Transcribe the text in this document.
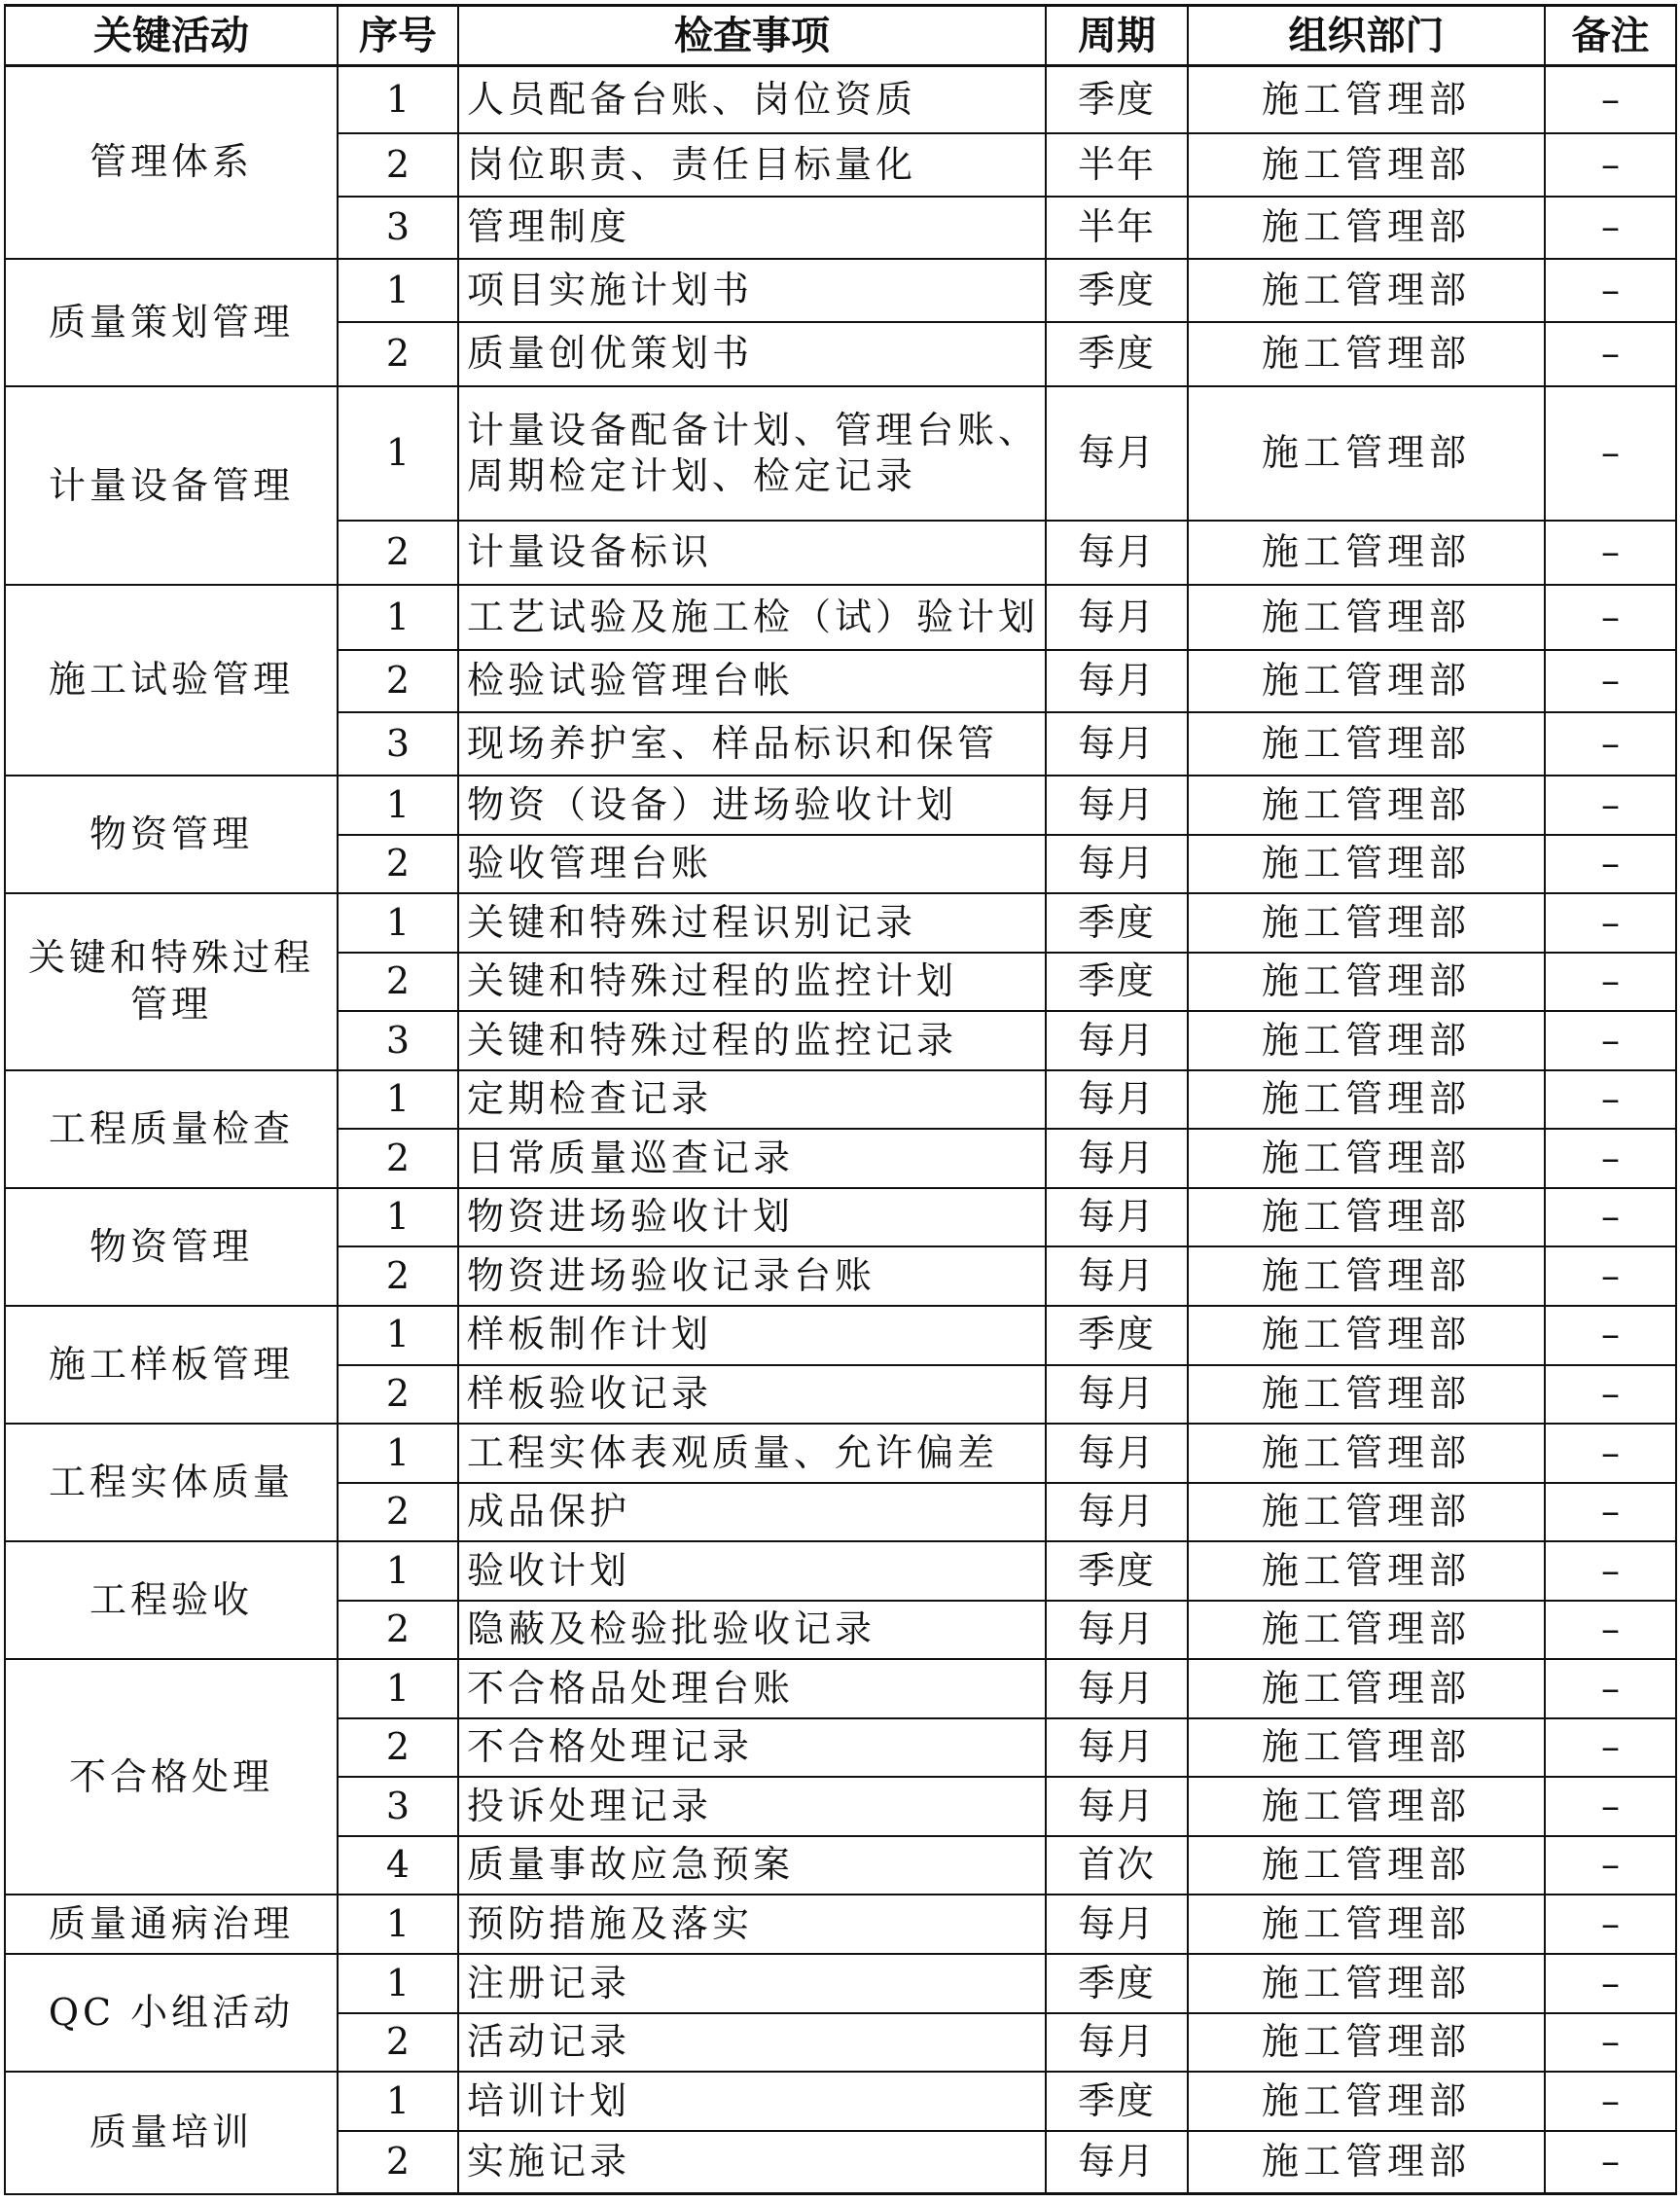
关键活动	序号	检查事项	周期	组织部门	备注
管理体系	1	人员配备台账、岗位资质	季度	施工管理部	–
	2	岗位职责、责任目标量化	半年	施工管理部	–
	3	管理制度	半年	施工管理部	–
质量策划管理	1	项目实施计划书	季度	施工管理部	–
	2	质量创优策划书	季度	施工管理部	–
计量设备管理	1	计量设备配备计划、管理台账、周期检定计划、检定记录	每月	施工管理部	–
	2	计量设备标识	每月	施工管理部	–
施工试验管理	1	工艺试验及施工检（试）验计划	每月	施工管理部	–
	2	检验试验管理台帐	每月	施工管理部	–
	3	现场养护室、样品标识和保管	每月	施工管理部	–
物资管理	1	物资（设备）进场验收计划	每月	施工管理部	–
	2	验收管理台账	每月	施工管理部	–
关键和特殊过程管理	1	关键和特殊过程识别记录	季度	施工管理部	–
	2	关键和特殊过程的监控计划	季度	施工管理部	–
	3	关键和特殊过程的监控记录	每月	施工管理部	–
工程质量检查	1	定期检查记录	每月	施工管理部	–
	2	日常质量巡查记录	每月	施工管理部	–
物资管理	1	物资进场验收计划	每月	施工管理部	–
	2	物资进场验收记录台账	每月	施工管理部	–
施工样板管理	1	样板制作计划	季度	施工管理部	–
	2	样板验收记录	每月	施工管理部	–
工程实体质量	1	工程实体表观质量、允许偏差	每月	施工管理部	–
	2	成品保护	每月	施工管理部	–
工程验收	1	验收计划	季度	施工管理部	–
	2	隐蔽及检验批验收记录	每月	施工管理部	–
不合格处理	1	不合格品处理台账	每月	施工管理部	–
	2	不合格处理记录	每月	施工管理部	–
	3	投诉处理记录	每月	施工管理部	–
	4	质量事故应急预案	首次	施工管理部	–
质量通病治理	1	预防措施及落实	每月	施工管理部	–
QC 小组活动	1	注册记录	季度	施工管理部	–
	2	活动记录	每月	施工管理部	–
质量培训	1	培训计划	季度	施工管理部	–
	2	实施记录	每月	施工管理部	–
